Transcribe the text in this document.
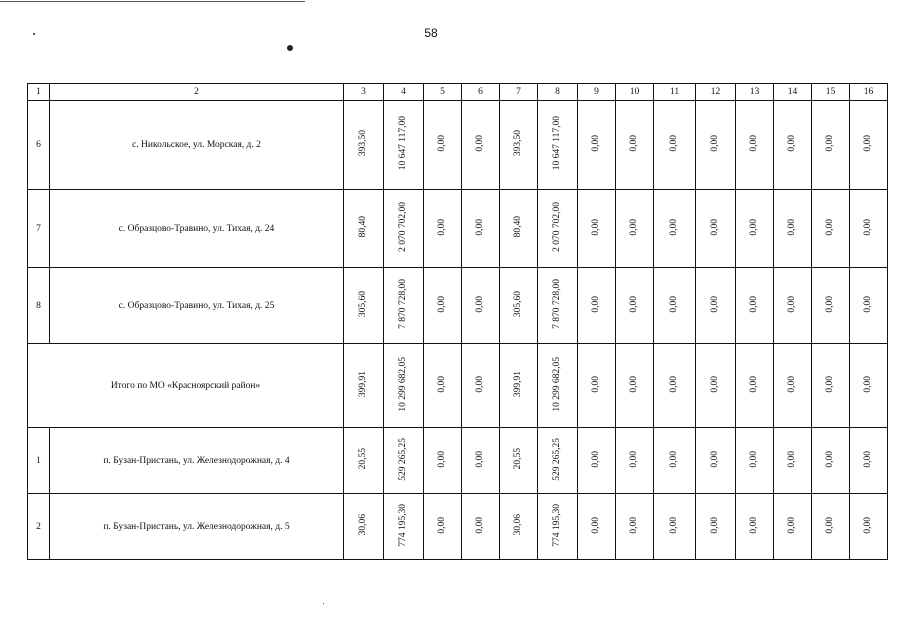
58
1	2	3	4	5	6	7	8	9	10	11	12	13	14	15	16
6	с. Никольское, ул. Морская, д. 2	393,50	10 647 117,00	0,00	0,00	393,50	10 647 117,00	0,00	0,00	0,00	0,00	0,00	0,00	0,00	0,00
7	с. Образцово-Травино, ул. Тихая, д. 24	80,40	2 070 702,00	0,00	0,00	80,40	2 070 702,00	0,00	0,00	0,00	0,00	0,00	0,00	0,00	0,00
8	с. Образцово-Травино, ул. Тихая, д. 25	305,60	7 870 728,00	0,00	0,00	305,60	7 870 728,00	0,00	0,00	0,00	0,00	0,00	0,00	0,00	0,00
Итого по МО «Красноярский район»		399,91	10 299 682,05	0,00	0,00	399,91	10 299 682,05	0,00	0,00	0,00	0,00	0,00	0,00	0,00	0,00
1	п. Бузан-Пристань, ул. Железнодорожная, д. 4	20,55	529 265,25	0,00	0,00	20,55	529 265,25	0,00	0,00	0,00	0,00	0,00	0,00	0,00	0,00
2	п. Бузан-Пристань, ул. Железнодорожная, д. 5	30,06	774 195,30	0,00	0,00	30,06	774 195,30	0,00	0,00	0,00	0,00	0,00	0,00	0,00	0,00
